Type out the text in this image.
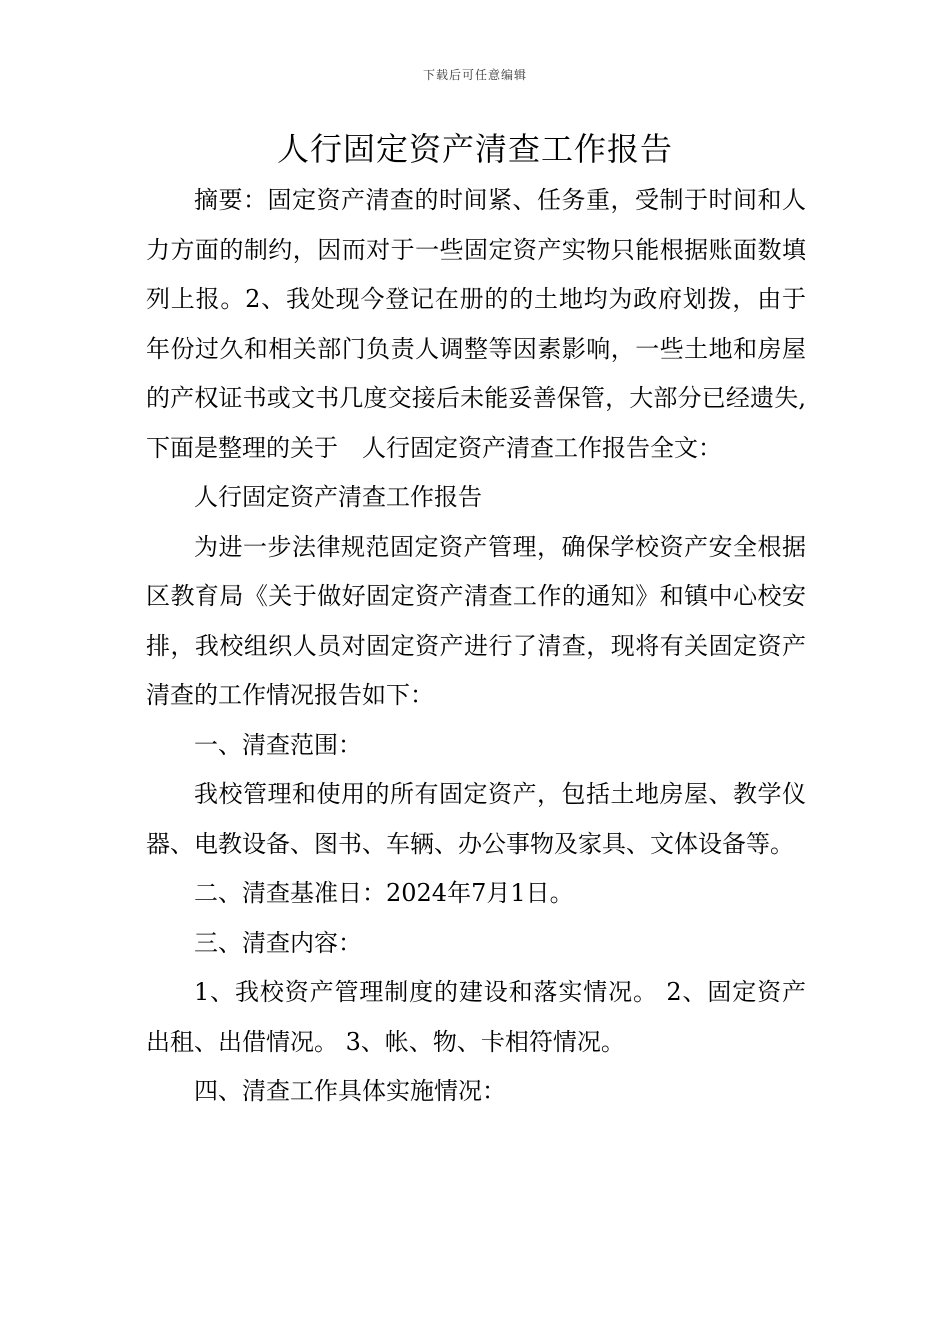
下载后可任意编辑
人行固定资产清查工作报告

摘要：固定资产清查的时间紧、任务重，受制于时间和人力方面的制约，因而对于一些固定资产实物只能根据账面数填列上报。2、我处现今登记在册的的土地均为政府划拨，由于年份过久和相关部门负责人调整等因素影响，一些土地和房屋的产权证书或文书几度交接后未能妥善保管，大部分已经遗失,下面是整理的关于　人行固定资产清查工作报告全文：

人行固定资产清查工作报告

为进一步法律规范固定资产管理，确保学校资产安全根据区教育局《关于做好固定资产清查工作的通知》和镇中心校安排，我校组织人员对固定资产进行了清查，现将有关固定资产清查的工作情况报告如下：

一、清查范围：

我校管理和使用的所有固定资产，包括土地房屋、教学仪器、电教设备、图书、车辆、办公事物及家具、文体设备等。

二、清查基准日：2024年7月1日。

三、清查内容：

1、我校资产管理制度的建设和落实情况。 2、固定资产出租、出借情况。 3、帐、物、卡相符情况。

四、清查工作具体实施情况：
